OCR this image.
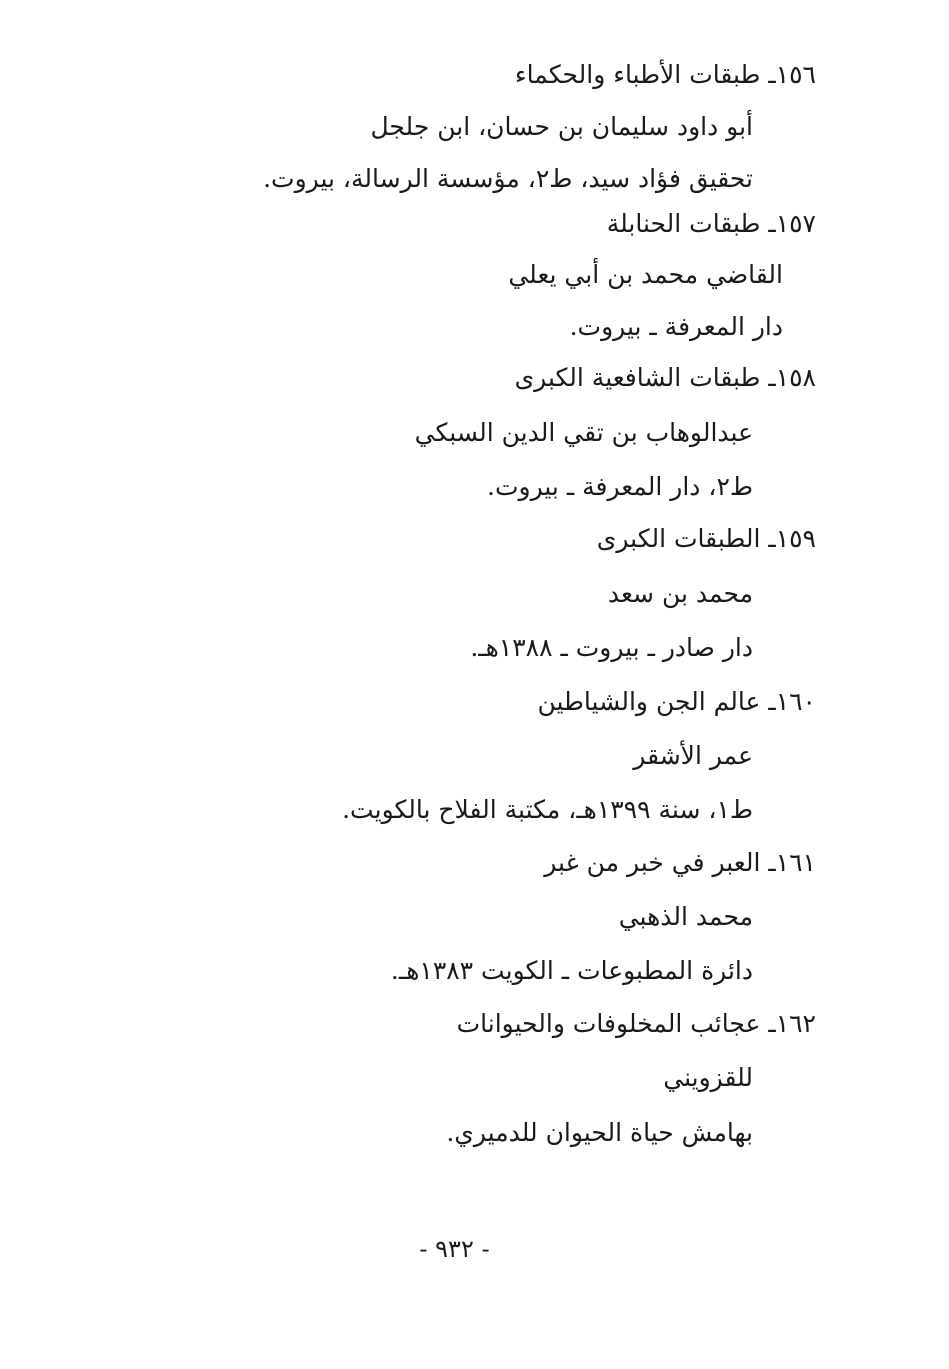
١٥٦ـ طبقات الأطباء والحكماء
أبو داود سليمان بن حسان، ابن جلجل
تحقيق فؤاد سيد، ط٢، مؤسسة الرسالة، بيروت.
١٥٧ـ طبقات الحنابلة
القاضي محمد بن أبي يعلي
دار المعرفة ـ بيروت.
١٥٨ـ طبقات الشافعية الكبرى
عبدالوهاب بن تقي الدين السبكي
ط٢، دار المعرفة ـ بيروت.
١٥٩ـ الطبقات الكبرى
محمد بن سعد
دار صادر ـ بيروت ـ ١٣٨٨هـ.
١٦٠ـ عالم الجن والشياطين
عمر الأشقر
ط١، سنة ١٣٩٩هـ، مكتبة الفلاح بالكويت.
١٦١ـ العبر في خبر من غبر
محمد الذهبي
دائرة المطبوعات ـ الكويت ١٣٨٣هـ.
١٦٢ـ عجائب المخلوفات والحيوانات
للقزويني
بهامش حياة الحيوان للدميري.
- ٩٣٢ -
